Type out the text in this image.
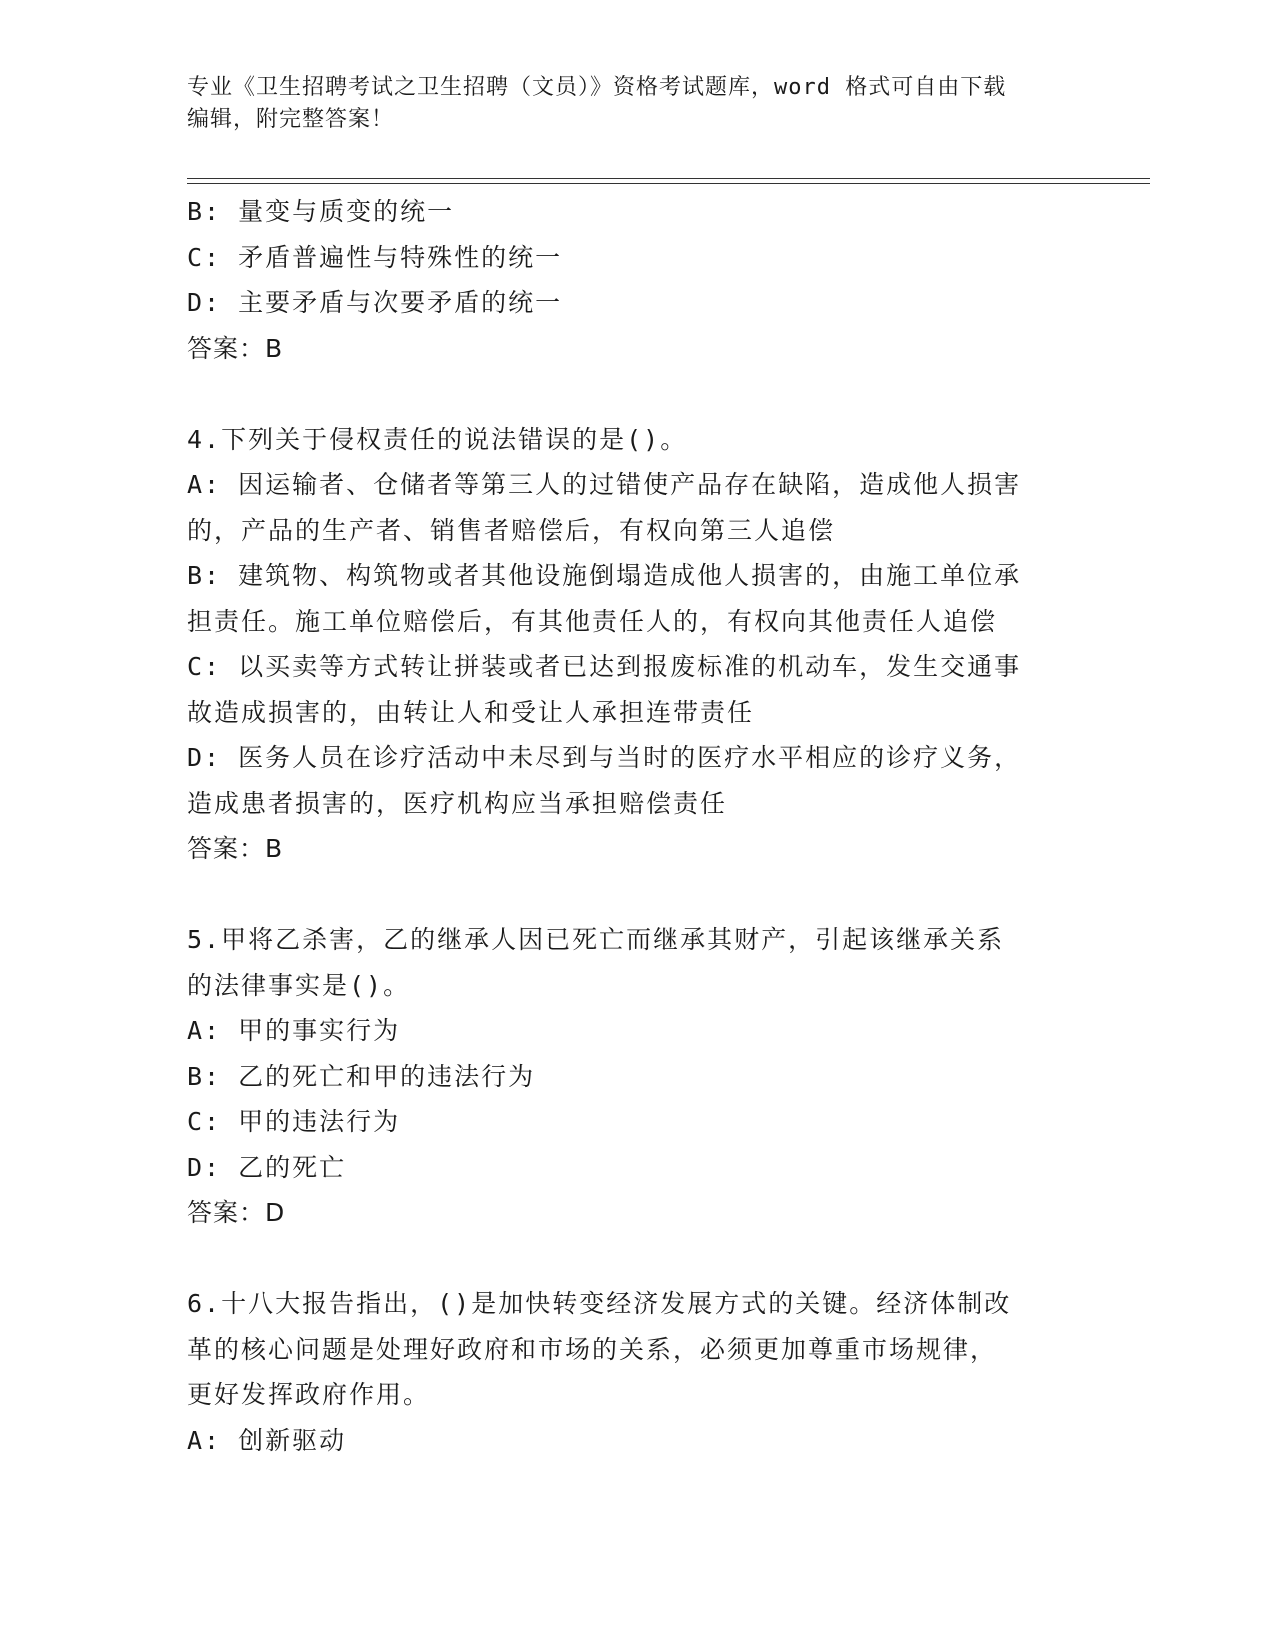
专业《卫生招聘考试之卫生招聘（文员）》资格考试题库，word 格式可自由下载
编辑，附完整答案！
B: 量变与质变的统一
C: 矛盾普遍性与特殊性的统一
D: 主要矛盾与次要矛盾的统一
答案：B
4.下列关于侵权责任的说法错误的是()。
A: 因运输者、仓储者等第三人的过错使产品存在缺陷，造成他人损害
的，产品的生产者、销售者赔偿后，有权向第三人追偿
B: 建筑物、构筑物或者其他设施倒塌造成他人损害的，由施工单位承
担责任。施工单位赔偿后，有其他责任人的，有权向其他责任人追偿
C: 以买卖等方式转让拼装或者已达到报废标准的机动车，发生交通事
故造成损害的，由转让人和受让人承担连带责任
D: 医务人员在诊疗活动中未尽到与当时的医疗水平相应的诊疗义务，
造成患者损害的，医疗机构应当承担赔偿责任
答案：B
5.甲将乙杀害，乙的继承人因已死亡而继承其财产，引起该继承关系
的法律事实是()。
A: 甲的事实行为
B: 乙的死亡和甲的违法行为
C: 甲的违法行为
D: 乙的死亡
答案：D
6.十八大报告指出，()是加快转变经济发展方式的关键。经济体制改
革的核心问题是处理好政府和市场的关系，必须更加尊重市场规律，
更好发挥政府作用。
A: 创新驱动
